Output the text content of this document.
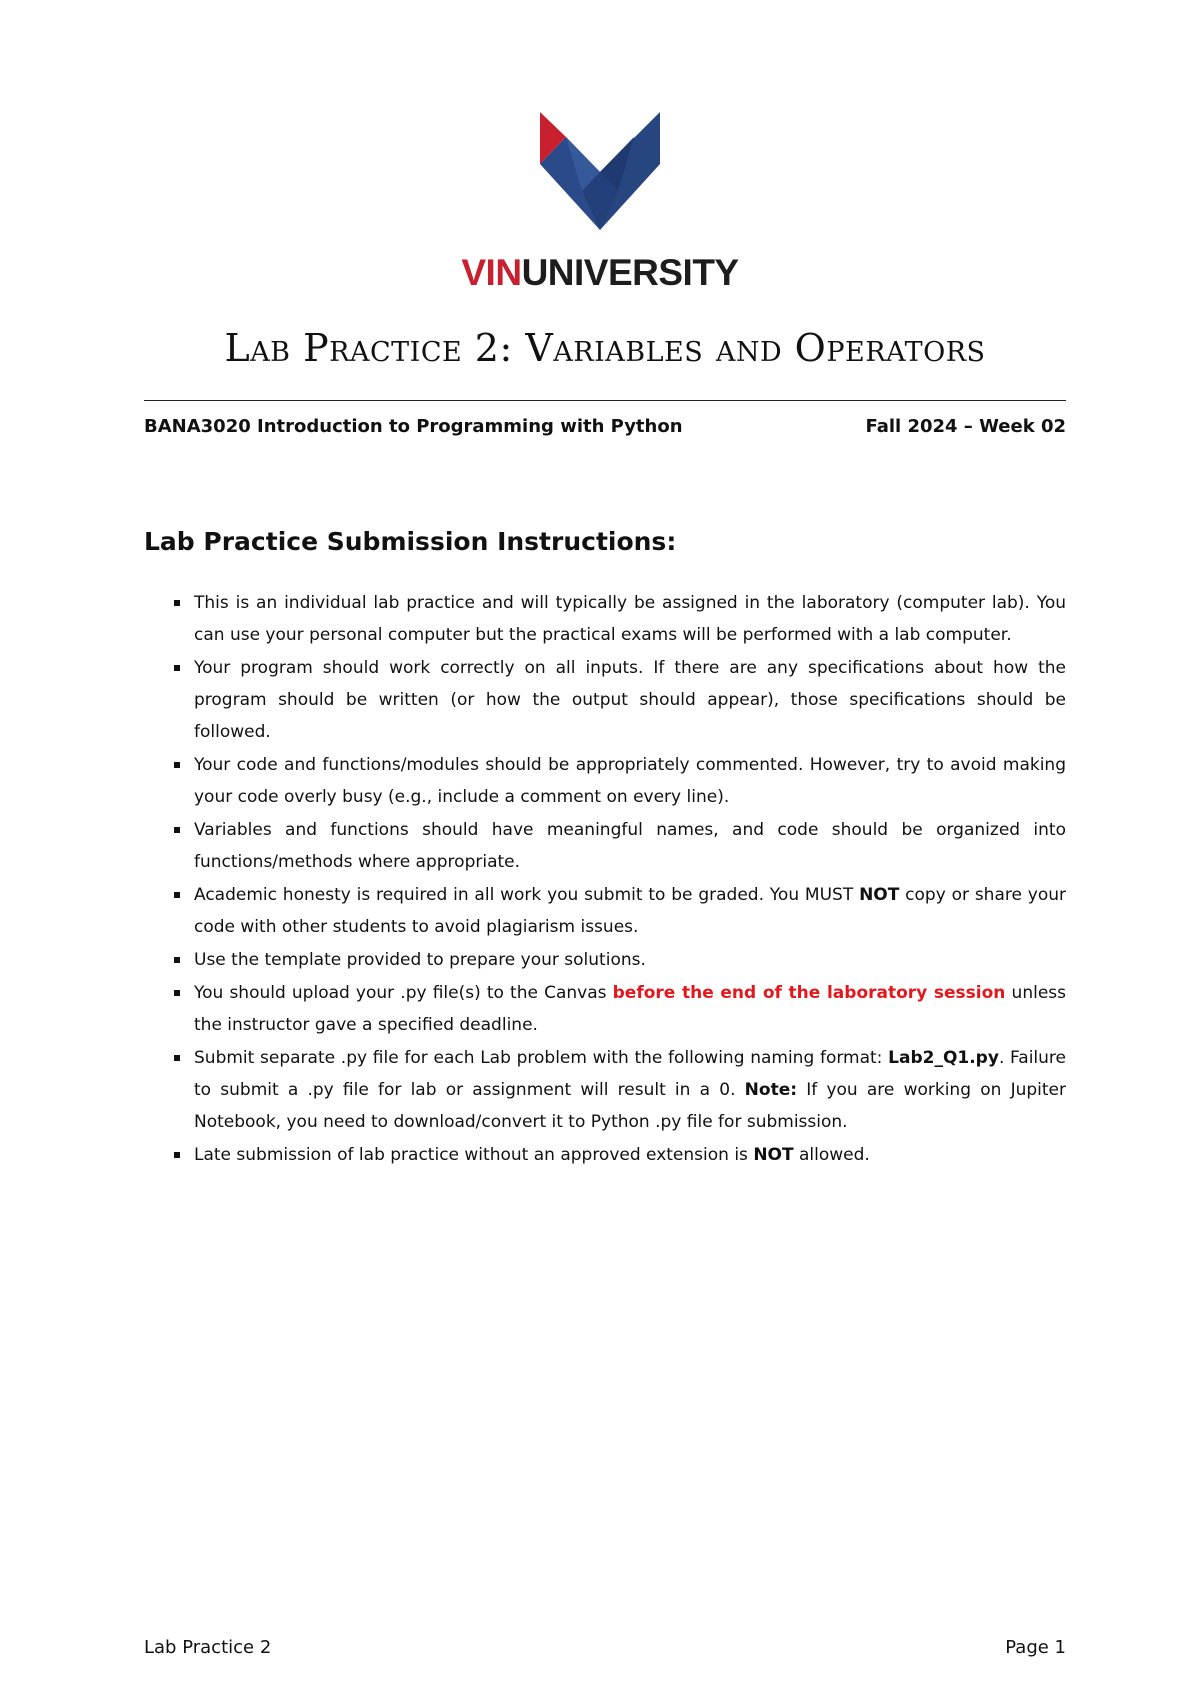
VINUNIVERSITY
Lab Practice 2: Variables and Operators
BANA3020 Introduction to Programming with Python	Fall 2024 – Week 02
Lab Practice Submission Instructions:
This is an individual lab practice and will typically be assigned in the laboratory (computer lab). You can use your personal computer but the practical exams will be performed with a lab computer.
Your program should work correctly on all inputs. If there are any specifications about how the program should be written (or how the output should appear), those specifications should be followed.
Your code and functions/modules should be appropriately commented. However, try to avoid making your code overly busy (e.g., include a comment on every line).
Variables and functions should have meaningful names, and code should be organized into functions/methods where appropriate.
Academic honesty is required in all work you submit to be graded. You MUST NOT copy or share your code with other students to avoid plagiarism issues.
Use the template provided to prepare your solutions.
You should upload your .py file(s) to the Canvas before the end of the laboratory session unless the instructor gave a specified deadline.
Submit separate .py file for each Lab problem with the following naming format: Lab2_Q1.py. Failure to submit a .py file for lab or assignment will result in a 0. Note: If you are working on Jupiter Notebook, you need to download/convert it to Python .py file for submission.
Late submission of lab practice without an approved extension is NOT allowed.
Lab Practice 2	Page 1
